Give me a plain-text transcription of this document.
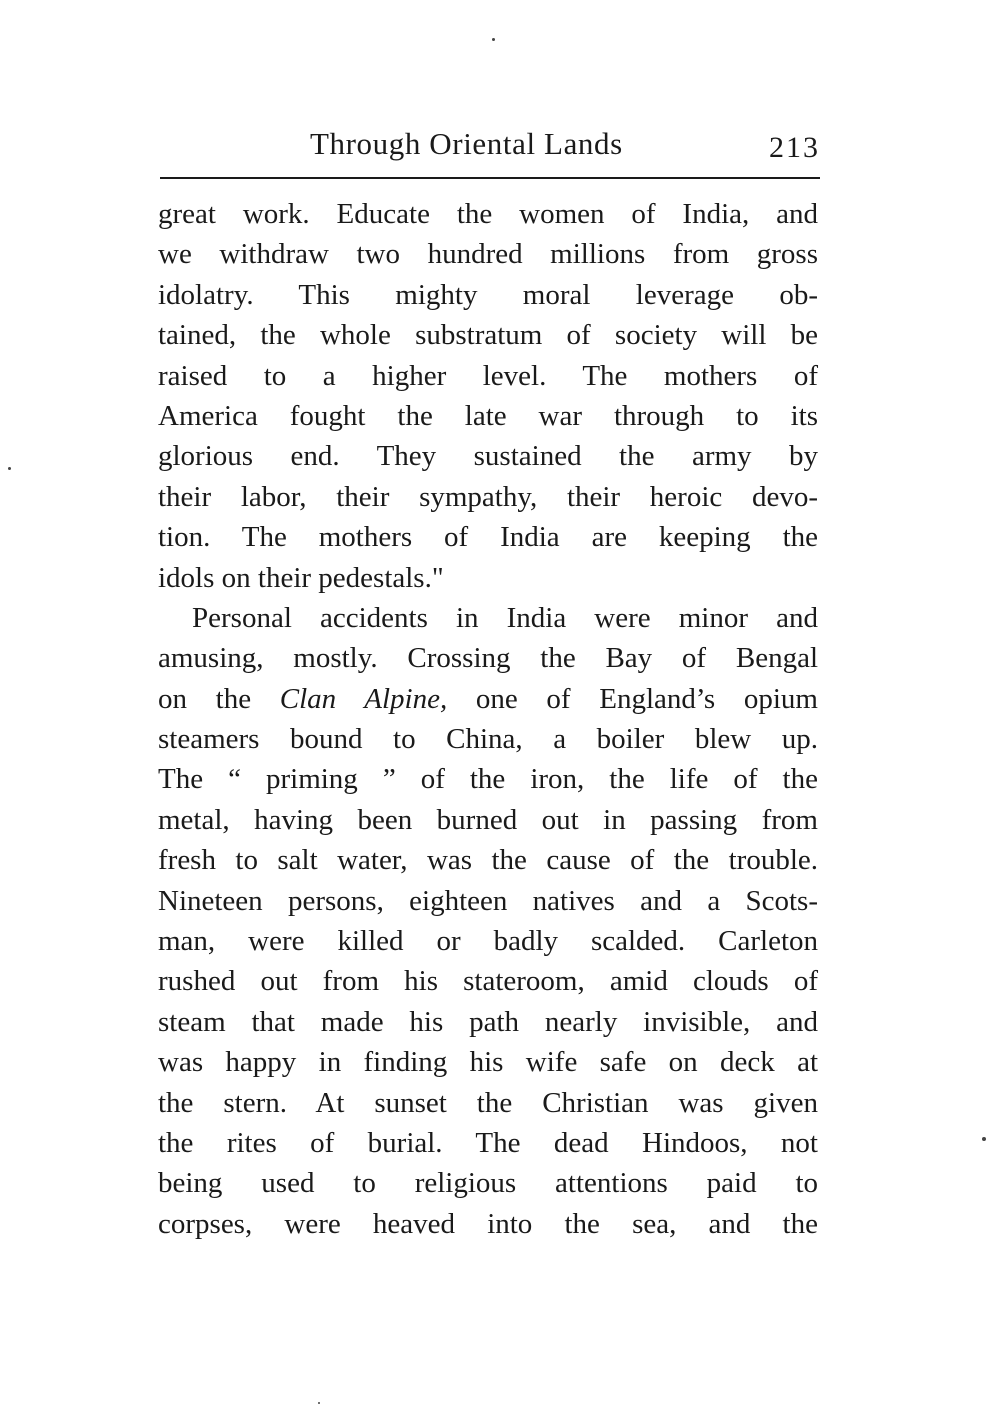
Through Oriental Lands	213
great work. Educate the women of India, and
we withdraw two hundred millions from gross
idolatry. This mighty moral leverage ob-
tained, the whole substratum of society will be
raised to a higher level. The mothers of
America fought the late war through to its
glorious end. They sustained the army by
their labor, their sympathy, their heroic devo-
tion. The mothers of India are keeping the
idols on their pedestals."
Personal accidents in India were minor and
amusing, mostly. Crossing the Bay of Bengal
on the Clan Alpine, one of England’s opium
steamers bound to China, a boiler blew up.
The “ priming ” of the iron, the life of the
metal, having been burned out in passing from
fresh to salt water, was the cause of the trouble.
Nineteen persons, eighteen natives and a Scots-
man, were killed or badly scalded. Carleton
rushed out from his stateroom, amid clouds of
steam that made his path nearly invisible, and
was happy in finding his wife safe on deck at
the stern. At sunset the Christian was given
the rites of burial. The dead Hindoos, not
being used to religious attentions paid to
corpses, were heaved into the sea, and the
